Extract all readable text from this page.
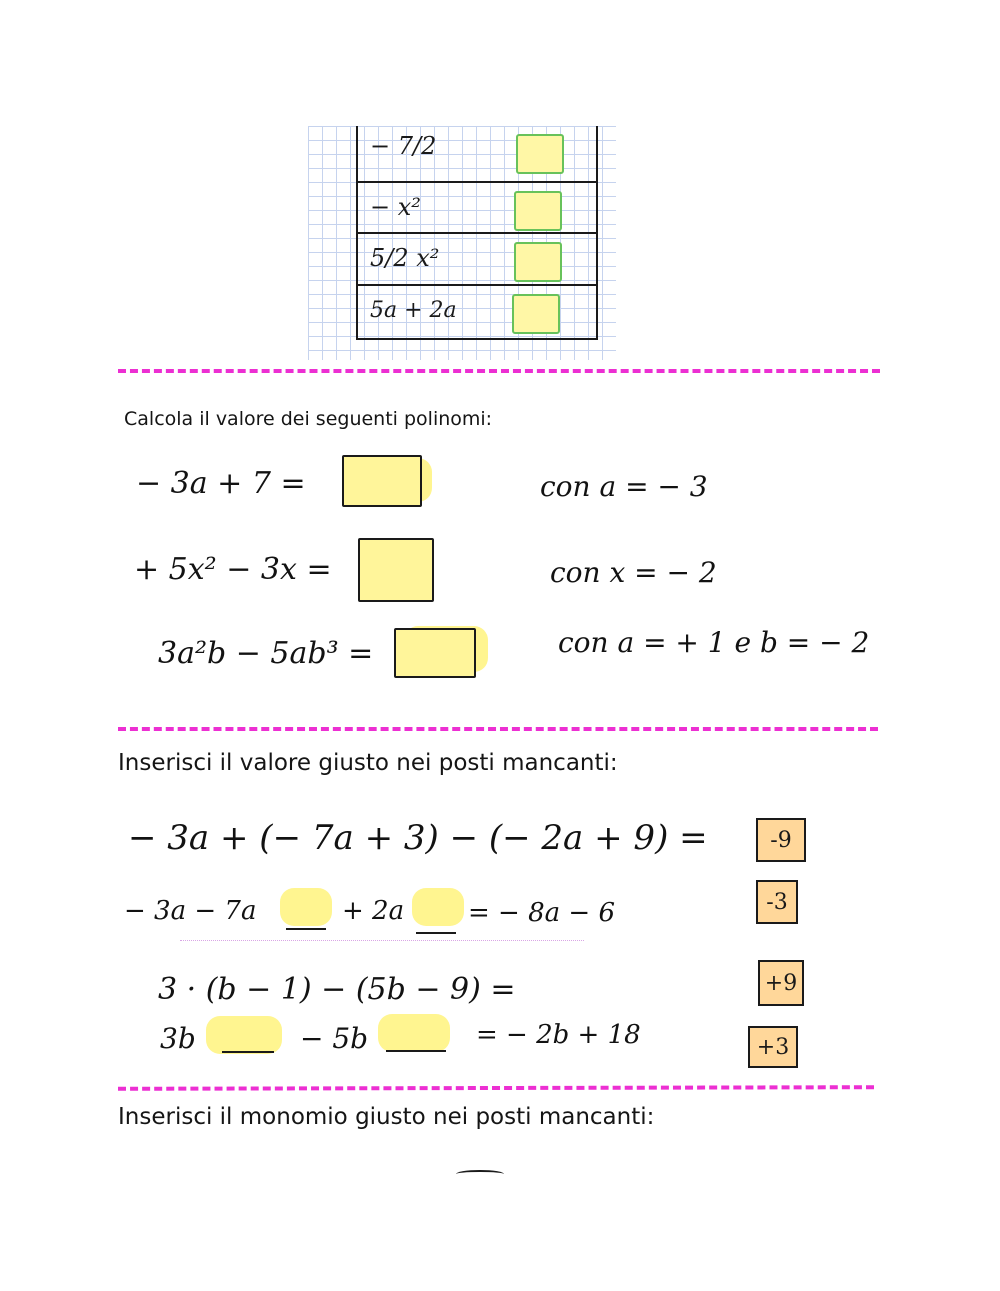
− 7/2
− x²
5/2 x²
5a + 2a
Calcola il valore dei seguenti polinomi:
− 3a + 7 =	con a = − 3
+ 5x² − 3x =	con x = − 2
3a²b − 5ab³ =	con a = + 1 e b = − 2
Inserisci il valore giusto nei posti mancanti:
− 3a + (− 7a + 3) − (− 2a + 9) =
− 3a − 7a	+ 2a = − 8a − 6
3 · (b − 1) − (5b − 9) =
3b	− 5b	= − 2b + 18
-9
-3
+9
+3
Inserisci il monomio giusto nei posti mancanti:
